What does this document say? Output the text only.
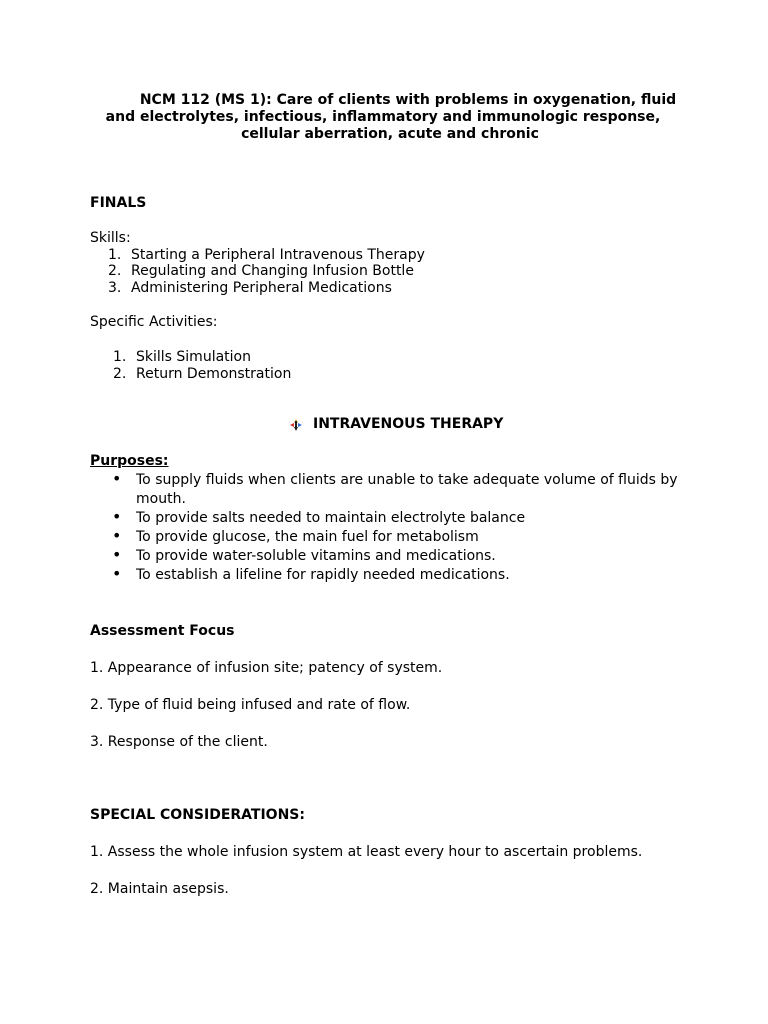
NCM 112 (MS 1): Care of clients with problems in oxygenation, fluid
and electrolytes, infectious, inflammatory and immunologic response,
cellular aberration, acute and chronic
FINALS
Skills:
1. Starting a Peripheral Intravenous Therapy
2. Regulating and Changing Infusion Bottle
3. Administering Peripheral Medications
Specific Activities:
1. Skills Simulation
2. Return Demonstration
INTRAVENOUS THERAPY
Purposes:
• To supply fluids when clients are unable to take adequate volume of fluids by mouth.
• To provide salts needed to maintain electrolyte balance
• To provide glucose, the main fuel for metabolism
• To provide water-soluble vitamins and medications.
• To establish a lifeline for rapidly needed medications.
Assessment Focus
1. Appearance of infusion site; patency of system.
2. Type of fluid being infused and rate of flow.
3. Response of the client.
SPECIAL CONSIDERATIONS:
1. Assess the whole infusion system at least every hour to ascertain problems.
2. Maintain asepsis.
